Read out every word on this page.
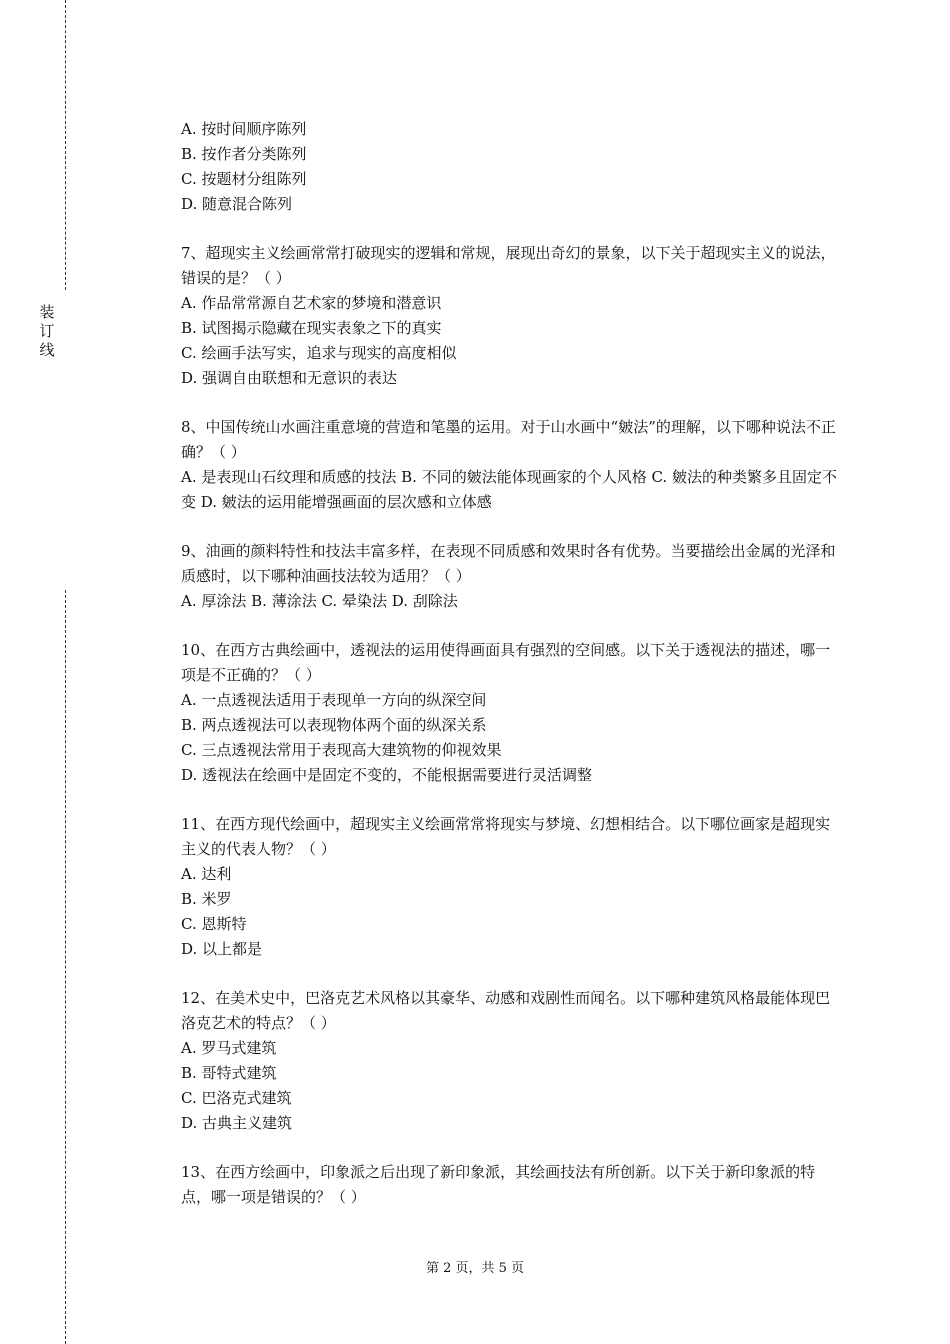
装
订
线
A. 按时间顺序陈列
B. 按作者分类陈列
C. 按题材分组陈列
D. 随意混合陈列
7、超现实主义绘画常常打破现实的逻辑和常规，展现出奇幻的景象，以下关于超现实主义的说法，错误的是？（ ）
A. 作品常常源自艺术家的梦境和潜意识
B. 试图揭示隐藏在现实表象之下的真实
C. 绘画手法写实，追求与现实的高度相似
D. 强调自由联想和无意识的表达
8、中国传统山水画注重意境的营造和笔墨的运用。对于山水画中“皴法”的理解，以下哪种说法不正确？（ ）
A. 是表现山石纹理和质感的技法 B. 不同的皴法能体现画家的个人风格 C. 皴法的种类繁多且固定不变 D. 皴法的运用能增强画面的层次感和立体感
9、油画的颜料特性和技法丰富多样，在表现不同质感和效果时各有优势。当要描绘出金属的光泽和质感时，以下哪种油画技法较为适用？（ ）
A. 厚涂法 B. 薄涂法 C. 晕染法 D. 刮除法
10、在西方古典绘画中，透视法的运用使得画面具有强烈的空间感。以下关于透视法的描述，哪一项是不正确的？（ ）
A. 一点透视法适用于表现单一方向的纵深空间
B. 两点透视法可以表现物体两个面的纵深关系
C. 三点透视法常用于表现高大建筑物的仰视效果
D. 透视法在绘画中是固定不变的，不能根据需要进行灵活调整
11、在西方现代绘画中，超现实主义绘画常常将现实与梦境、幻想相结合。以下哪位画家是超现实主义的代表人物？（ ）
A. 达利
B. 米罗
C. 恩斯特
D. 以上都是
12、在美术史中，巴洛克艺术风格以其豪华、动感和戏剧性而闻名。以下哪种建筑风格最能体现巴洛克艺术的特点？（ ）
A. 罗马式建筑
B. 哥特式建筑
C. 巴洛克式建筑
D. 古典主义建筑
13、在西方绘画中，印象派之后出现了新印象派，其绘画技法有所创新。以下关于新印象派的特点，哪一项是错误的？（ ）
第 2 页，共 5 页
